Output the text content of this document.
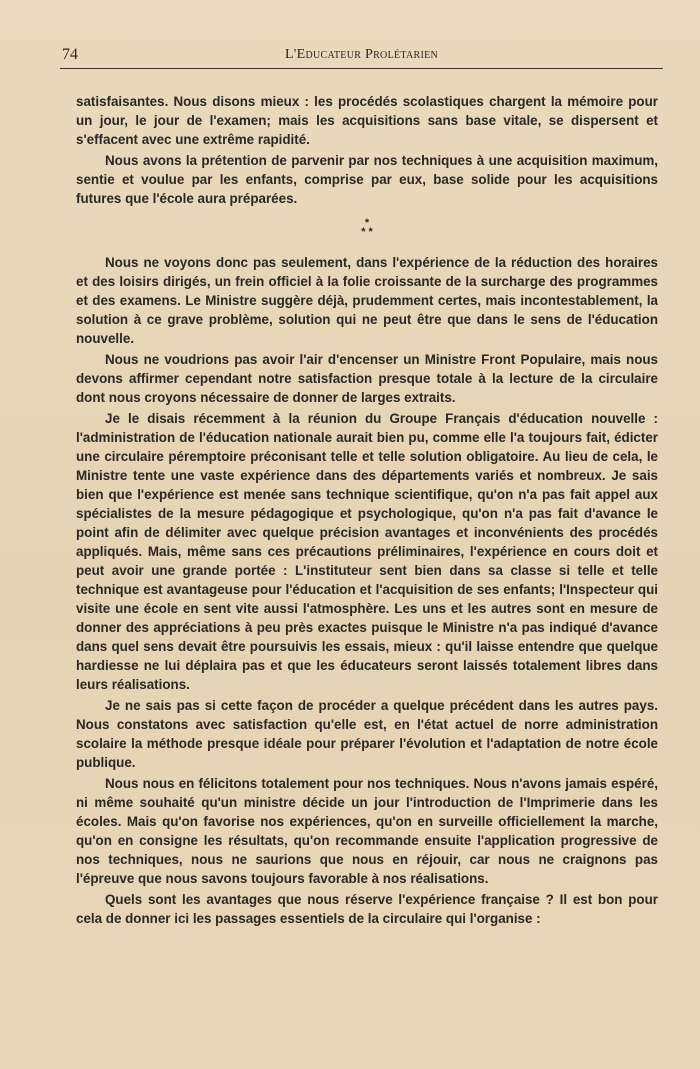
74	L'Educateur Prolétarien

satisfaisantes. Nous disons mieux : les procédés scolastiques chargent la mémoire pour un jour, le jour de l'examen; mais les acquisitions sans base vitale, se dispersent et s'effacent avec une extrême rapidité.

Nous avons la prétention de parvenir par nos techniques à une acquisition maximum, sentie et voulue par les enfants, comprise par eux, base solide pour les acquisitions futures que l'école aura préparées.

*
* *

Nous ne voyons donc pas seulement, dans l'expérience de la réduction des horaires et des loisirs dirigés, un frein officiel à la folie croissante de la surcharge des programmes et des examens. Le Ministre suggère déjà, prudemment certes, mais incontestablement, la solution à ce grave problème, solution qui ne peut être que dans le sens de l'éducation nouvelle.

Nous ne voudrions pas avoir l'air d'encenser un Ministre Front Populaire, mais nous devons affirmer cependant notre satisfaction presque totale à la lecture de la circulaire dont nous croyons nécessaire de donner de larges extraits.

Je le disais récemment à la réunion du Groupe Français d'éducation nouvelle : l'administration de l'éducation nationale aurait bien pu, comme elle l'a toujours fait, édicter une circulaire péremptoire préconisant telle et telle solution obligatoire. Au lieu de cela, le Ministre tente une vaste expérience dans des départements variés et nombreux. Je sais bien que l'expérience est menée sans technique scientifique, qu'on n'a pas fait appel aux spécialistes de la mesure pédagogique et psychologique, qu'on n'a pas fait d'avance le point afin de délimiter avec quelque précision avantages et inconvénients des procédés appliqués. Mais, même sans ces précautions préliminaires, l'expérience en cours doit et peut avoir une grande portée : L'instituteur sent bien dans sa classe si telle et telle technique est avantageuse pour l'éducation et l'acquisition de ses enfants; l'Inspecteur qui visite une école en sent vite aussi l'atmosphère. Les uns et les autres sont en mesure de donner des appréciations à peu près exactes puisque le Ministre n'a pas indiqué d'avance dans quel sens devait être poursuivis les essais, mieux : qu'il laisse entendre que quelque hardiesse ne lui déplaira pas et que les éducateurs seront laissés totalement libres dans leurs réalisations.

Je ne sais pas si cette façon de procéder a quelque précédent dans les autres pays. Nous constatons avec satisfaction qu'elle est, en l'état actuel de norre administration scolaire la méthode presque idéale pour préparer l'évolution et l'adaptation de notre école publique.

Nous nous en félicitons totalement pour nos techniques. Nous n'avons jamais espéré, ni même souhaité qu'un ministre décide un jour l'introduction de l'Imprimerie dans les écoles. Mais qu'on favorise nos expériences, qu'on en surveille officiellement la marche, qu'on en consigne les résultats, qu'on recommande ensuite l'application progressive de nos techniques, nous ne saurions que nous en réjouir, car nous ne craignons pas l'épreuve que nous savons toujours favorable à nos réalisations.

Quels sont les avantages que nous réserve l'expérience française ? Il est bon pour cela de donner ici les passages essentiels de la circulaire qui l'organise :
